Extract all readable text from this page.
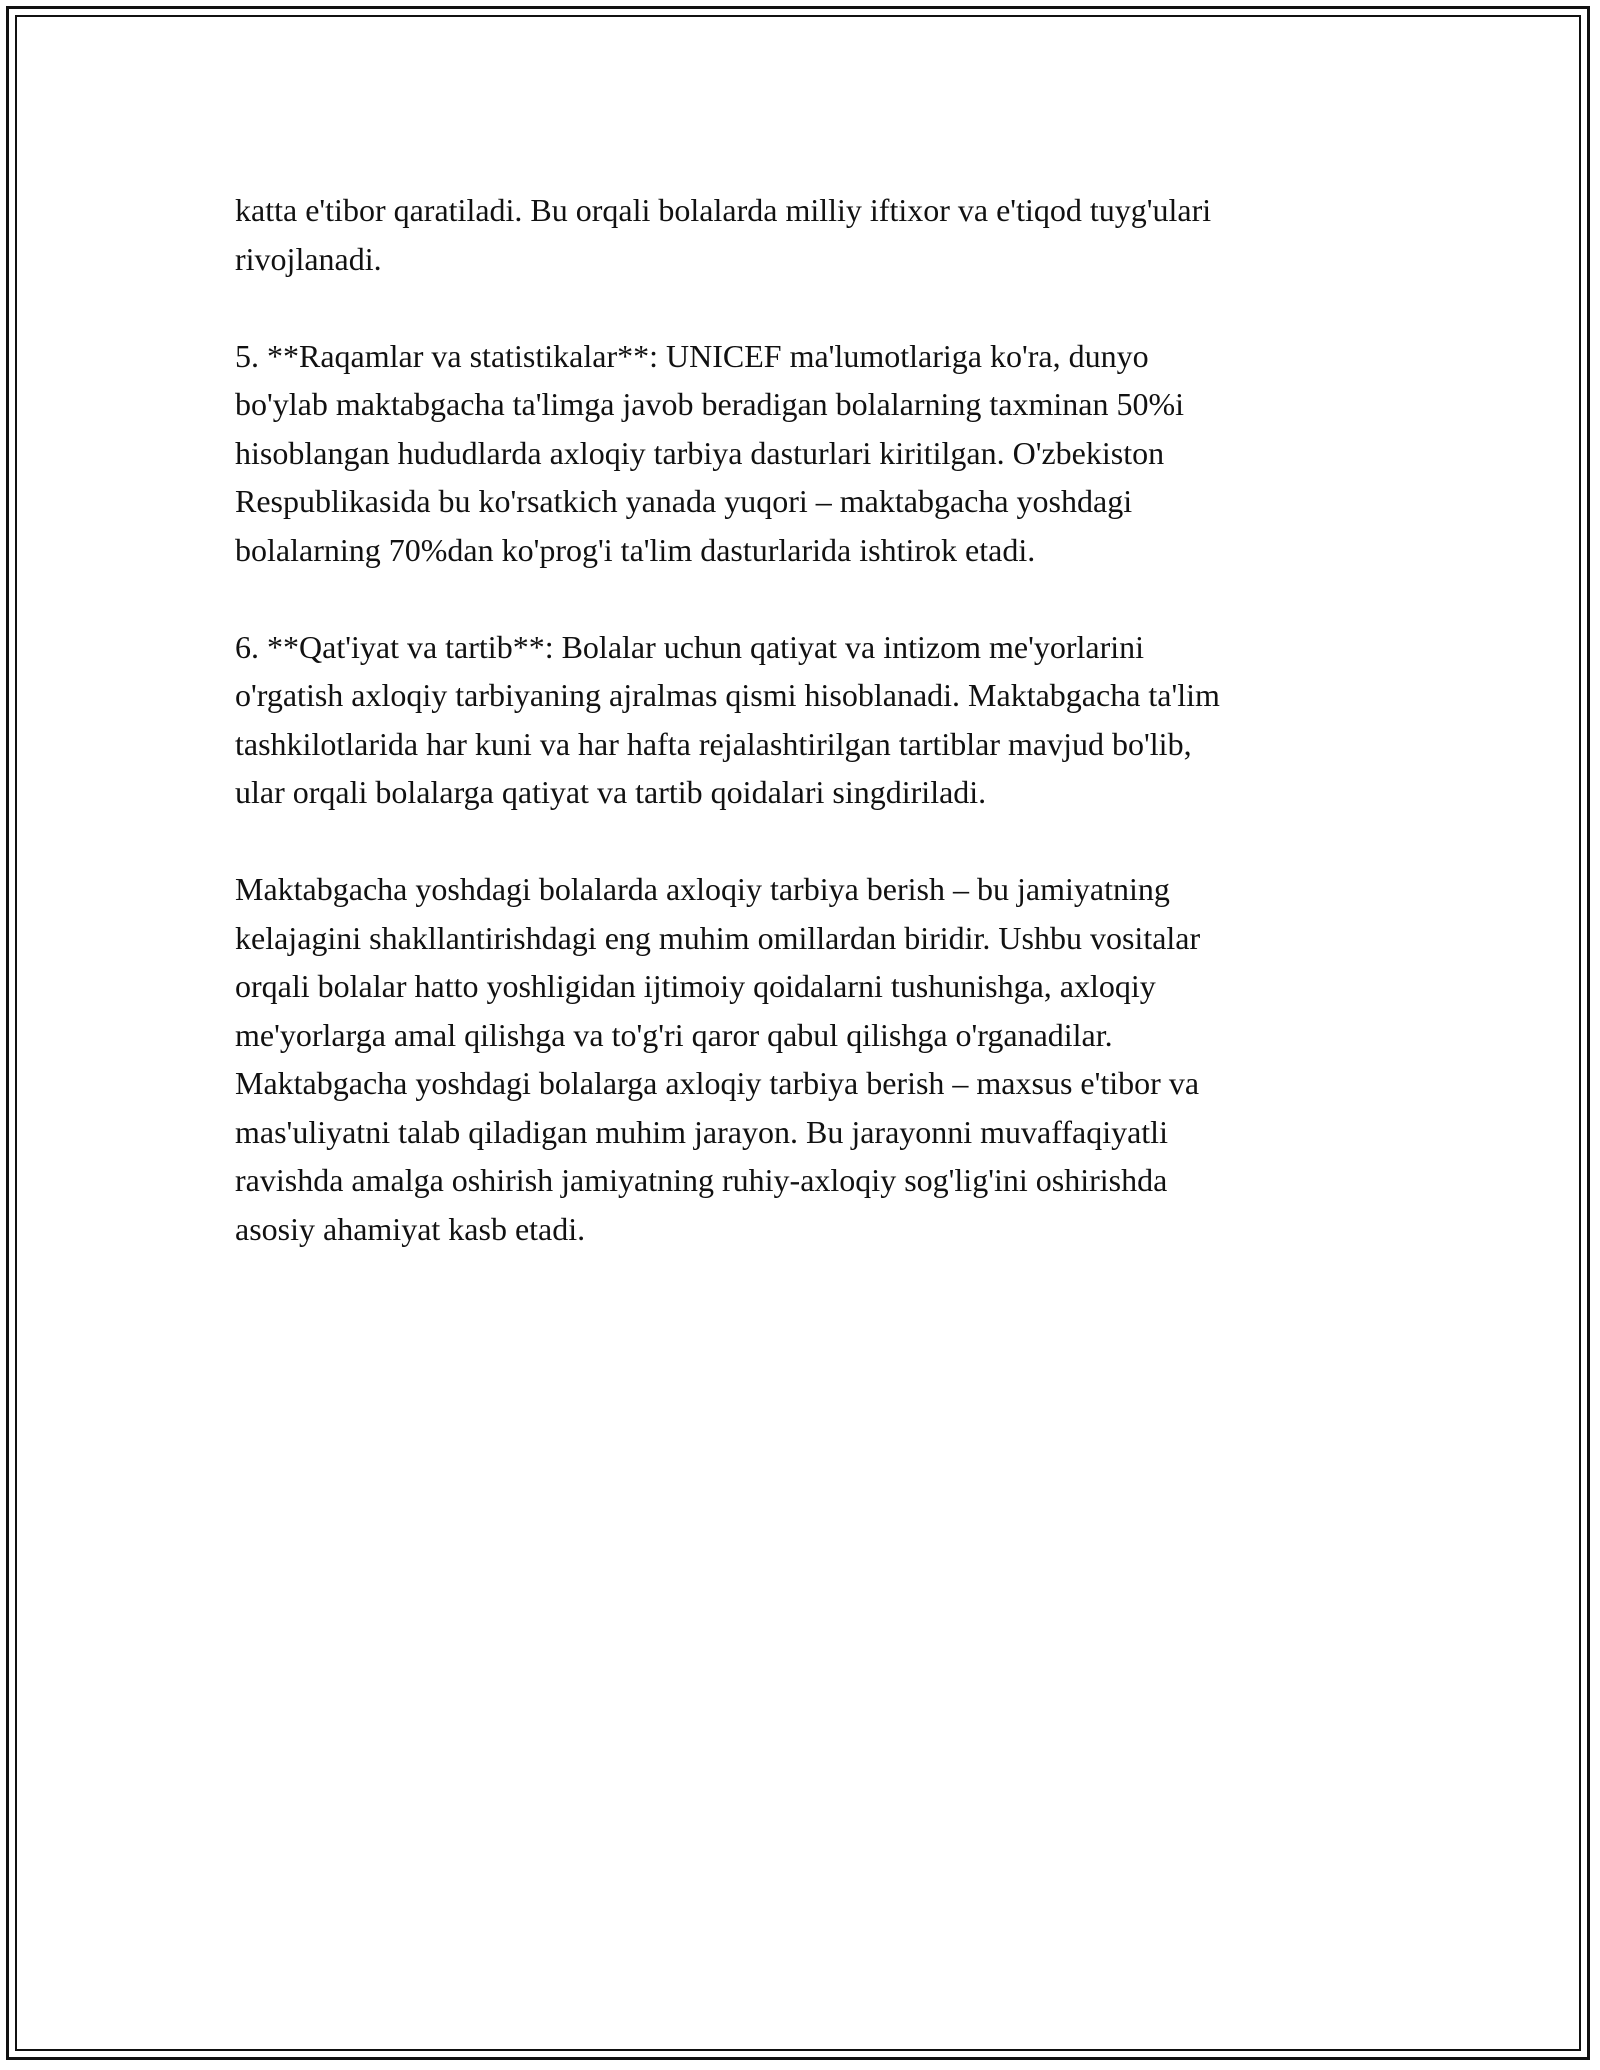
katta e'tibor qaratiladi. Bu orqali bolalarda milliy iftixor va e'tiqod tuyg'ulari
rivojlanadi.

5. **Raqamlar va statistikalar**: UNICEF ma'lumotlariga ko'ra, dunyo
bo'ylab maktabgacha ta'limga javob beradigan bolalarning taxminan 50%i
hisoblangan hududlarda axloqiy tarbiya dasturlari kiritilgan. O'zbekiston
Respublikasida bu ko'rsatkich yanada yuqori – maktabgacha yoshdagi
bolalarning 70%dan ko'prog'i ta'lim dasturlarida ishtirok etadi.

6. **Qat'iyat va tartib**: Bolalar uchun qatiyat va intizom me'yorlarini
o'rgatish axloqiy tarbiyaning ajralmas qismi hisoblanadi. Maktabgacha ta'lim
tashkilotlarida har kuni va har hafta rejalashtirilgan tartiblar mavjud bo'lib,
ular orqali bolalarga qatiyat va tartib qoidalari singdiriladi.

Maktabgacha yoshdagi bolalarda axloqiy tarbiya berish – bu jamiyatning
kelajagini shakllantirishdagi eng muhim omillardan biridir. Ushbu vositalar
orqali bolalar hatto yoshligidan ijtimoiy qoidalarni tushunishga, axloqiy
me'yorlarga amal qilishga va to'g'ri qaror qabul qilishga o'rganadilar.
Maktabgacha yoshdagi bolalarga axloqiy tarbiya berish – maxsus e'tibor va
mas'uliyatni talab qiladigan muhim jarayon. Bu jarayonni muvaffaqiyatli
ravishda amalga oshirish jamiyatning ruhiy-axloqiy sog'lig'ini oshirishda
asosiy ahamiyat kasb etadi.
